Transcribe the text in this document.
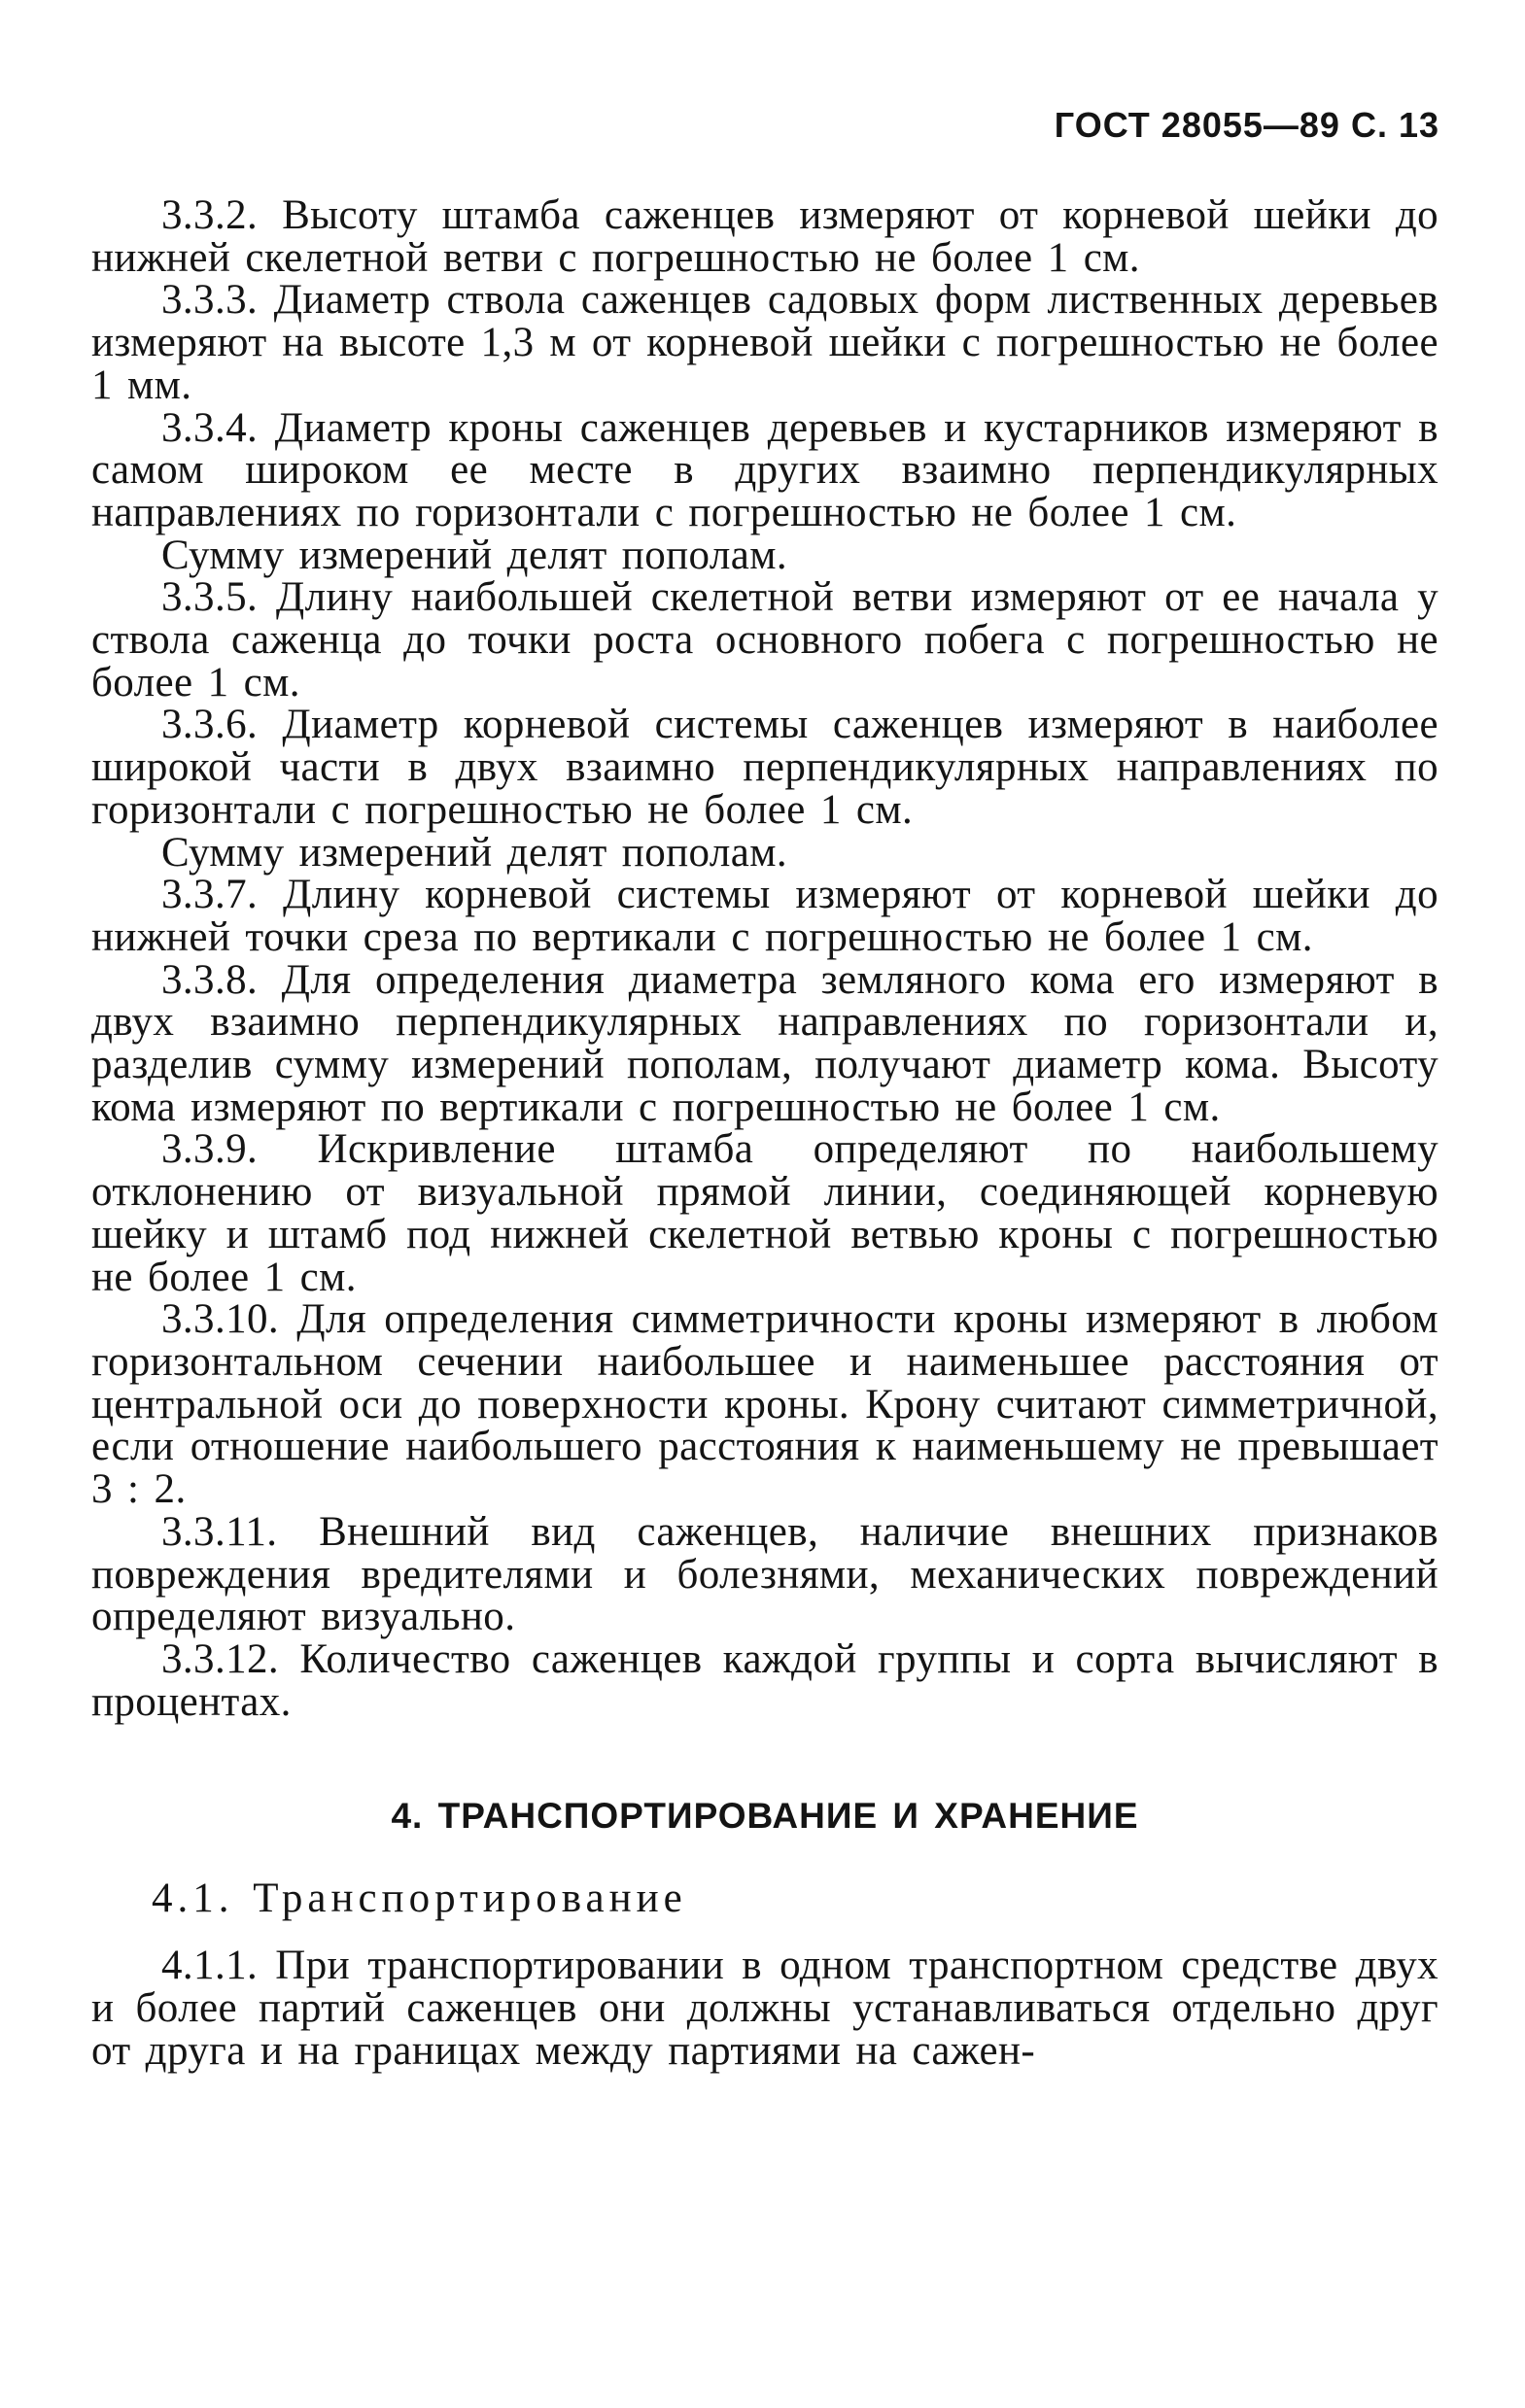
ГОСТ 28055—89 С. 13

3.3.2. Высоту штамба саженцев измеряют от корневой шейки до нижней скелетной ветви с погрешностью не более 1 см.

3.3.3. Диаметр ствола саженцев садовых форм лиственных деревьев измеряют на высоте 1,3 м от корневой шейки с погрешностью не более 1 мм.

3.3.4. Диаметр кроны саженцев деревьев и кустарников измеряют в самом широком ее месте в других взаимно перпендикулярных направлениях по горизонтали с погрешностью не более 1 см.

Сумму измерений делят пополам.

3.3.5. Длину наибольшей скелетной ветви измеряют от ее начала у ствола саженца до точки роста основного побега с погрешностью не более 1 см.

3.3.6. Диаметр корневой системы саженцев измеряют в наиболее широкой части в двух взаимно перпендикулярных направлениях по горизонтали с погрешностью не более 1 см.

Сумму измерений делят пополам.

3.3.7. Длину корневой системы измеряют от корневой шейки до нижней точки среза по вертикали с погрешностью не более 1 см.

3.3.8. Для определения диаметра земляного кома его измеряют в двух взаимно перпендикулярных направлениях по горизонтали и, разделив сумму измерений пополам, получают диаметр кома. Высоту кома измеряют по вертикали с погрешностью не более 1 см.

3.3.9. Искривление штамба определяют по наибольшему отклонению от визуальной прямой линии, соединяющей корневую шейку и штамб под нижней скелетной ветвью кроны с погрешностью не более 1 см.

3.3.10. Для определения симметричности кроны измеряют в любом горизонтальном сечении наибольшее и наименьшее расстояния от центральной оси до поверхности кроны. Крону считают симметричной, если отношение наибольшего расстояния к наименьшему не превышает 3 : 2.

3.3.11. Внешний вид саженцев, наличие внешних признаков повреждения вредителями и болезнями, механических повреждений определяют визуально.

3.3.12. Количество саженцев каждой группы и сорта вычисляют в процентах.

4. ТРАНСПОРТИРОВАНИЕ И ХРАНЕНИЕ
4.1. Транспортирование

4.1.1. При транспортировании в одном транспортном средстве двух и более партий саженцев они должны устанавливаться отдельно друг от друга и на границах между партиями на сажен-
